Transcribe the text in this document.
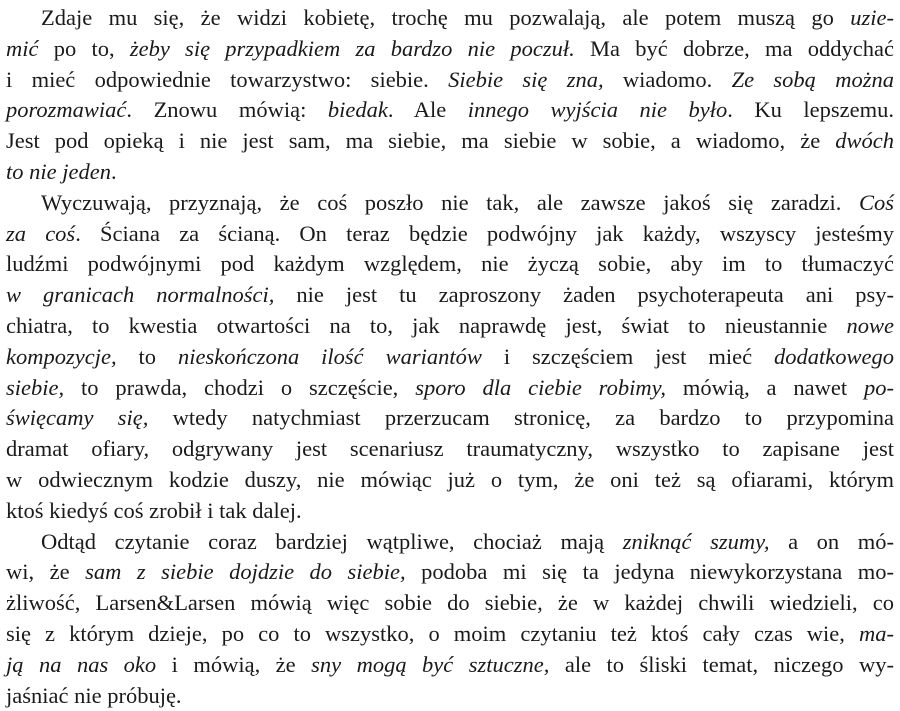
Zdaje mu się, że widzi kobietę, trochę mu pozwalają, ale potem muszą go uzie-
mić po to, żeby się przypadkiem za bardzo nie poczuł. Ma być dobrze, ma oddychać
i mieć odpowiednie towarzystwo: siebie. Siebie się zna, wiadomo. Ze sobą można
porozmawiać. Znowu mówią: biedak. Ale innego wyjścia nie było. Ku lepszemu.
Jest pod opieką i nie jest sam, ma siebie, ma siebie w sobie, a wiadomo, że dwóch
to nie jeden.
Wyczuwają, przyznają, że coś poszło nie tak, ale zawsze jakoś się zaradzi. Coś
za coś. Ściana za ścianą. On teraz będzie podwójny jak każdy, wszyscy jesteśmy
ludźmi podwójnymi pod każdym względem, nie życzą sobie, aby im to tłumaczyć
w granicach normalności, nie jest tu zaproszony żaden psychoterapeuta ani psy-
chiatra, to kwestia otwartości na to, jak naprawdę jest, świat to nieustannie nowe
kompozycje, to nieskończona ilość wariantów i szczęściem jest mieć dodatkowego
siebie, to prawda, chodzi o szczęście, sporo dla ciebie robimy, mówią, a nawet po-
święcamy się, wtedy natychmiast przerzucam stronicę, za bardzo to przypomina
dramat ofiary, odgrywany jest scenariusz traumatyczny, wszystko to zapisane jest
w odwiecznym kodzie duszy, nie mówiąc już o tym, że oni też są ofiarami, którym
ktoś kiedyś coś zrobił i tak dalej.
Odtąd czytanie coraz bardziej wątpliwe, chociaż mają zniknąć szumy, a on mó-
wi, że sam z siebie dojdzie do siebie, podoba mi się ta jedyna niewykorzystana mo-
żliwość, Larsen&Larsen mówią więc sobie do siebie, że w każdej chwili wiedzieli, co
się z którym dzieje, po co to wszystko, o moim czytaniu też ktoś cały czas wie, ma-
ją na nas oko i mówią, że sny mogą być sztuczne, ale to śliski temat, niczego wy-
jaśniać nie próbuję.
